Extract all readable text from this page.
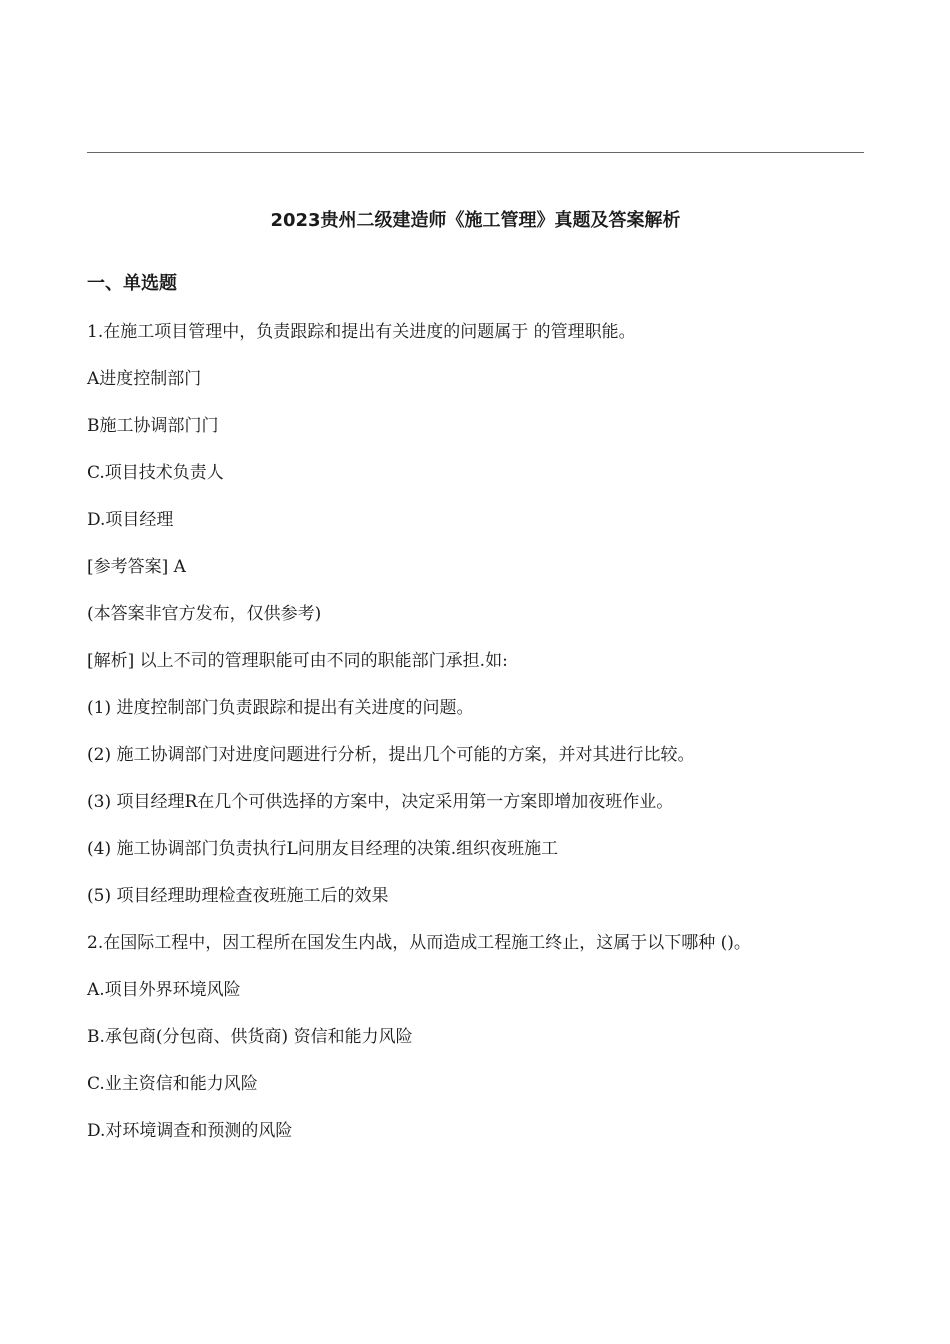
2023贵州二级建造师《施工管理》真题及答案解析
一、单选题
1.在施工项目管理中，负责跟踪和提出有关进度的问题属于 的管理职能。
A进度控制部门
B施工协调部门门
C.项目技术负责人
D.项目经理
[参考答案] A
(本答案非官方发布，仅供参考)
[解析] 以上不司的管理职能可由不同的职能部门承担.如:
(1) 进度控制部门负责跟踪和提出有关进度的问题。
(2) 施工协调部门对进度问题进行分析，提出几个可能的方案，并对其进行比较。
(3) 项目经理R在几个可供选择的方案中，决定采用第一方案即增加夜班作业。
(4) 施工协调部门负责执行L问朋友目经理的决策.组织夜班施工
(5) 项目经理助理检查夜班施工后的效果
2.在国际工程中，因工程所在国发生内战，从而造成工程施工终止，这属于以下哪种 ()。
A.项目外界环境风险
B.承包商(分包商、供货商) 资信和能力风险
C.业主资信和能力风险
D.对环境调查和预测的风险
